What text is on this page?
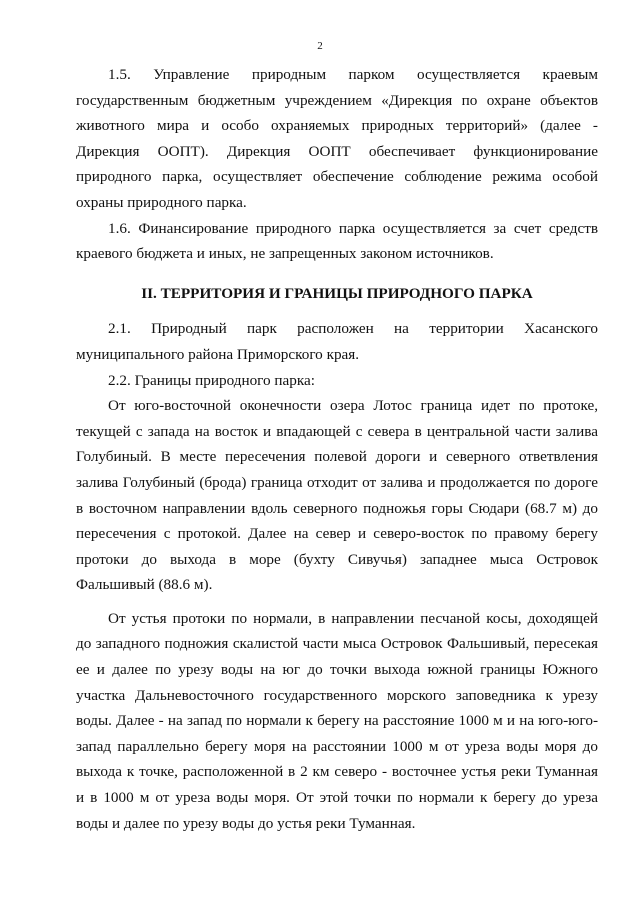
2
1.5. Управление природным парком осуществляется краевым
государственным бюджетным учреждением «Дирекция по охране объектов
животного мира и особо охраняемых природных территорий» (далее -
Дирекция ООПТ). Дирекция ООПТ обеспечивает функционирование
природного парка, осуществляет обеспечение соблюдение режима особой
охраны природного парка.
1.6. Финансирование природного парка осуществляется за счет средств
краевого бюджета и иных, не запрещенных законом источников.
II. ТЕРРИТОРИЯ И ГРАНИЦЫ ПРИРОДНОГО ПАРКА
2.1. Природный парк расположен на территории Хасанского
муниципального района Приморского края.
2.2. Границы природного парка:
От юго-восточной оконечности озера Лотос граница идет по протоке,
текущей с запада на восток и впадающей с севера в центральной части залива
Голубиный. В месте пересечения полевой дороги и северного ответвления
залива Голубиный (брода) граница отходит от залива и продолжается по дороге
в восточном направлении вдоль северного подножья горы Сюдари (68.7 м) до
пересечения с протокой. Далее на север и северо-восток по правому берегу
протоки до выхода в море (бухту Сивучья) западнее мыса Островок
Фальшивый (88.6 м).
От устья протоки по нормали, в направлении песчаной косы, доходящей
до западного подножия скалистой части мыса Островок Фальшивый, пересекая
ее и далее по урезу воды на юг до точки выхода южной границы Южного
участка Дальневосточного государственного морского заповедника к урезу
воды. Далее - на запад по нормали к берегу на расстояние 1000 м и на юго-юго-
запад параллельно берегу моря на расстоянии 1000 м от уреза воды моря до
выхода к точке, расположенной в 2 км северо - восточнее устья реки Туманная
и в 1000 м от уреза воды моря. От этой точки по нормали к берегу до уреза
воды и далее по урезу воды до устья реки Туманная.
